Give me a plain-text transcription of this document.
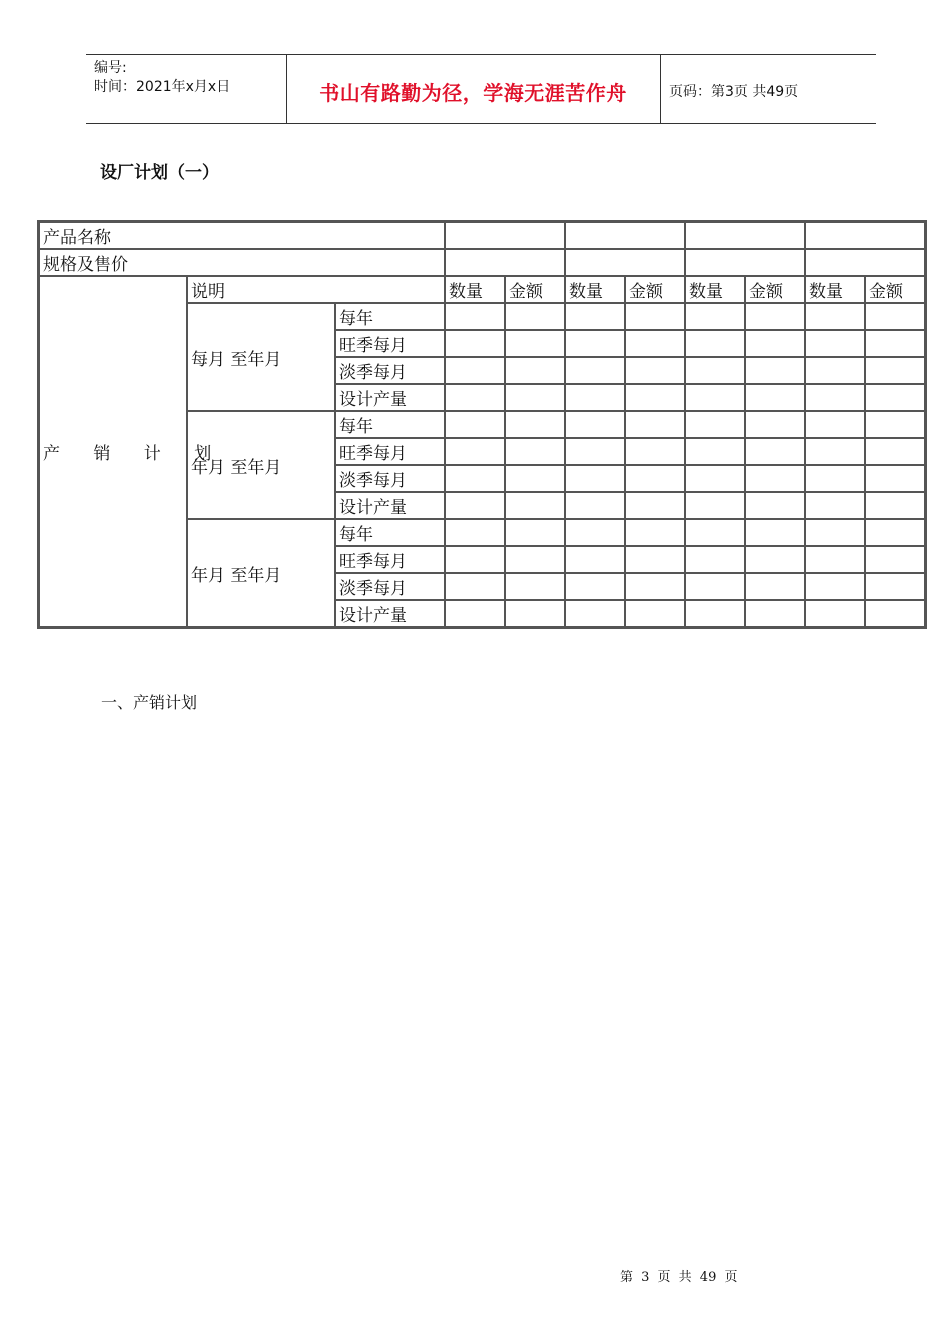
编号:
时间：2021年x月x日	书山有路勤为径，学海无涯苦作舟	页码：第3页 共49页
设厂计划（一）
产品名称										
规格及售价										
产 销 计 划	说明		数量	金额	数量	金额	数量	金额	数量	金额
	每月 至年月	每年								
		旺季每月								
		淡季每月								
		设计产量								
	年月 至年月	每年								
		旺季每月								
		淡季每月								
		设计产量								
	年月 至年月	每年								
		旺季每月								
		淡季每月								
		设计产量								
一、产销计划
第 3 页 共 49 页
